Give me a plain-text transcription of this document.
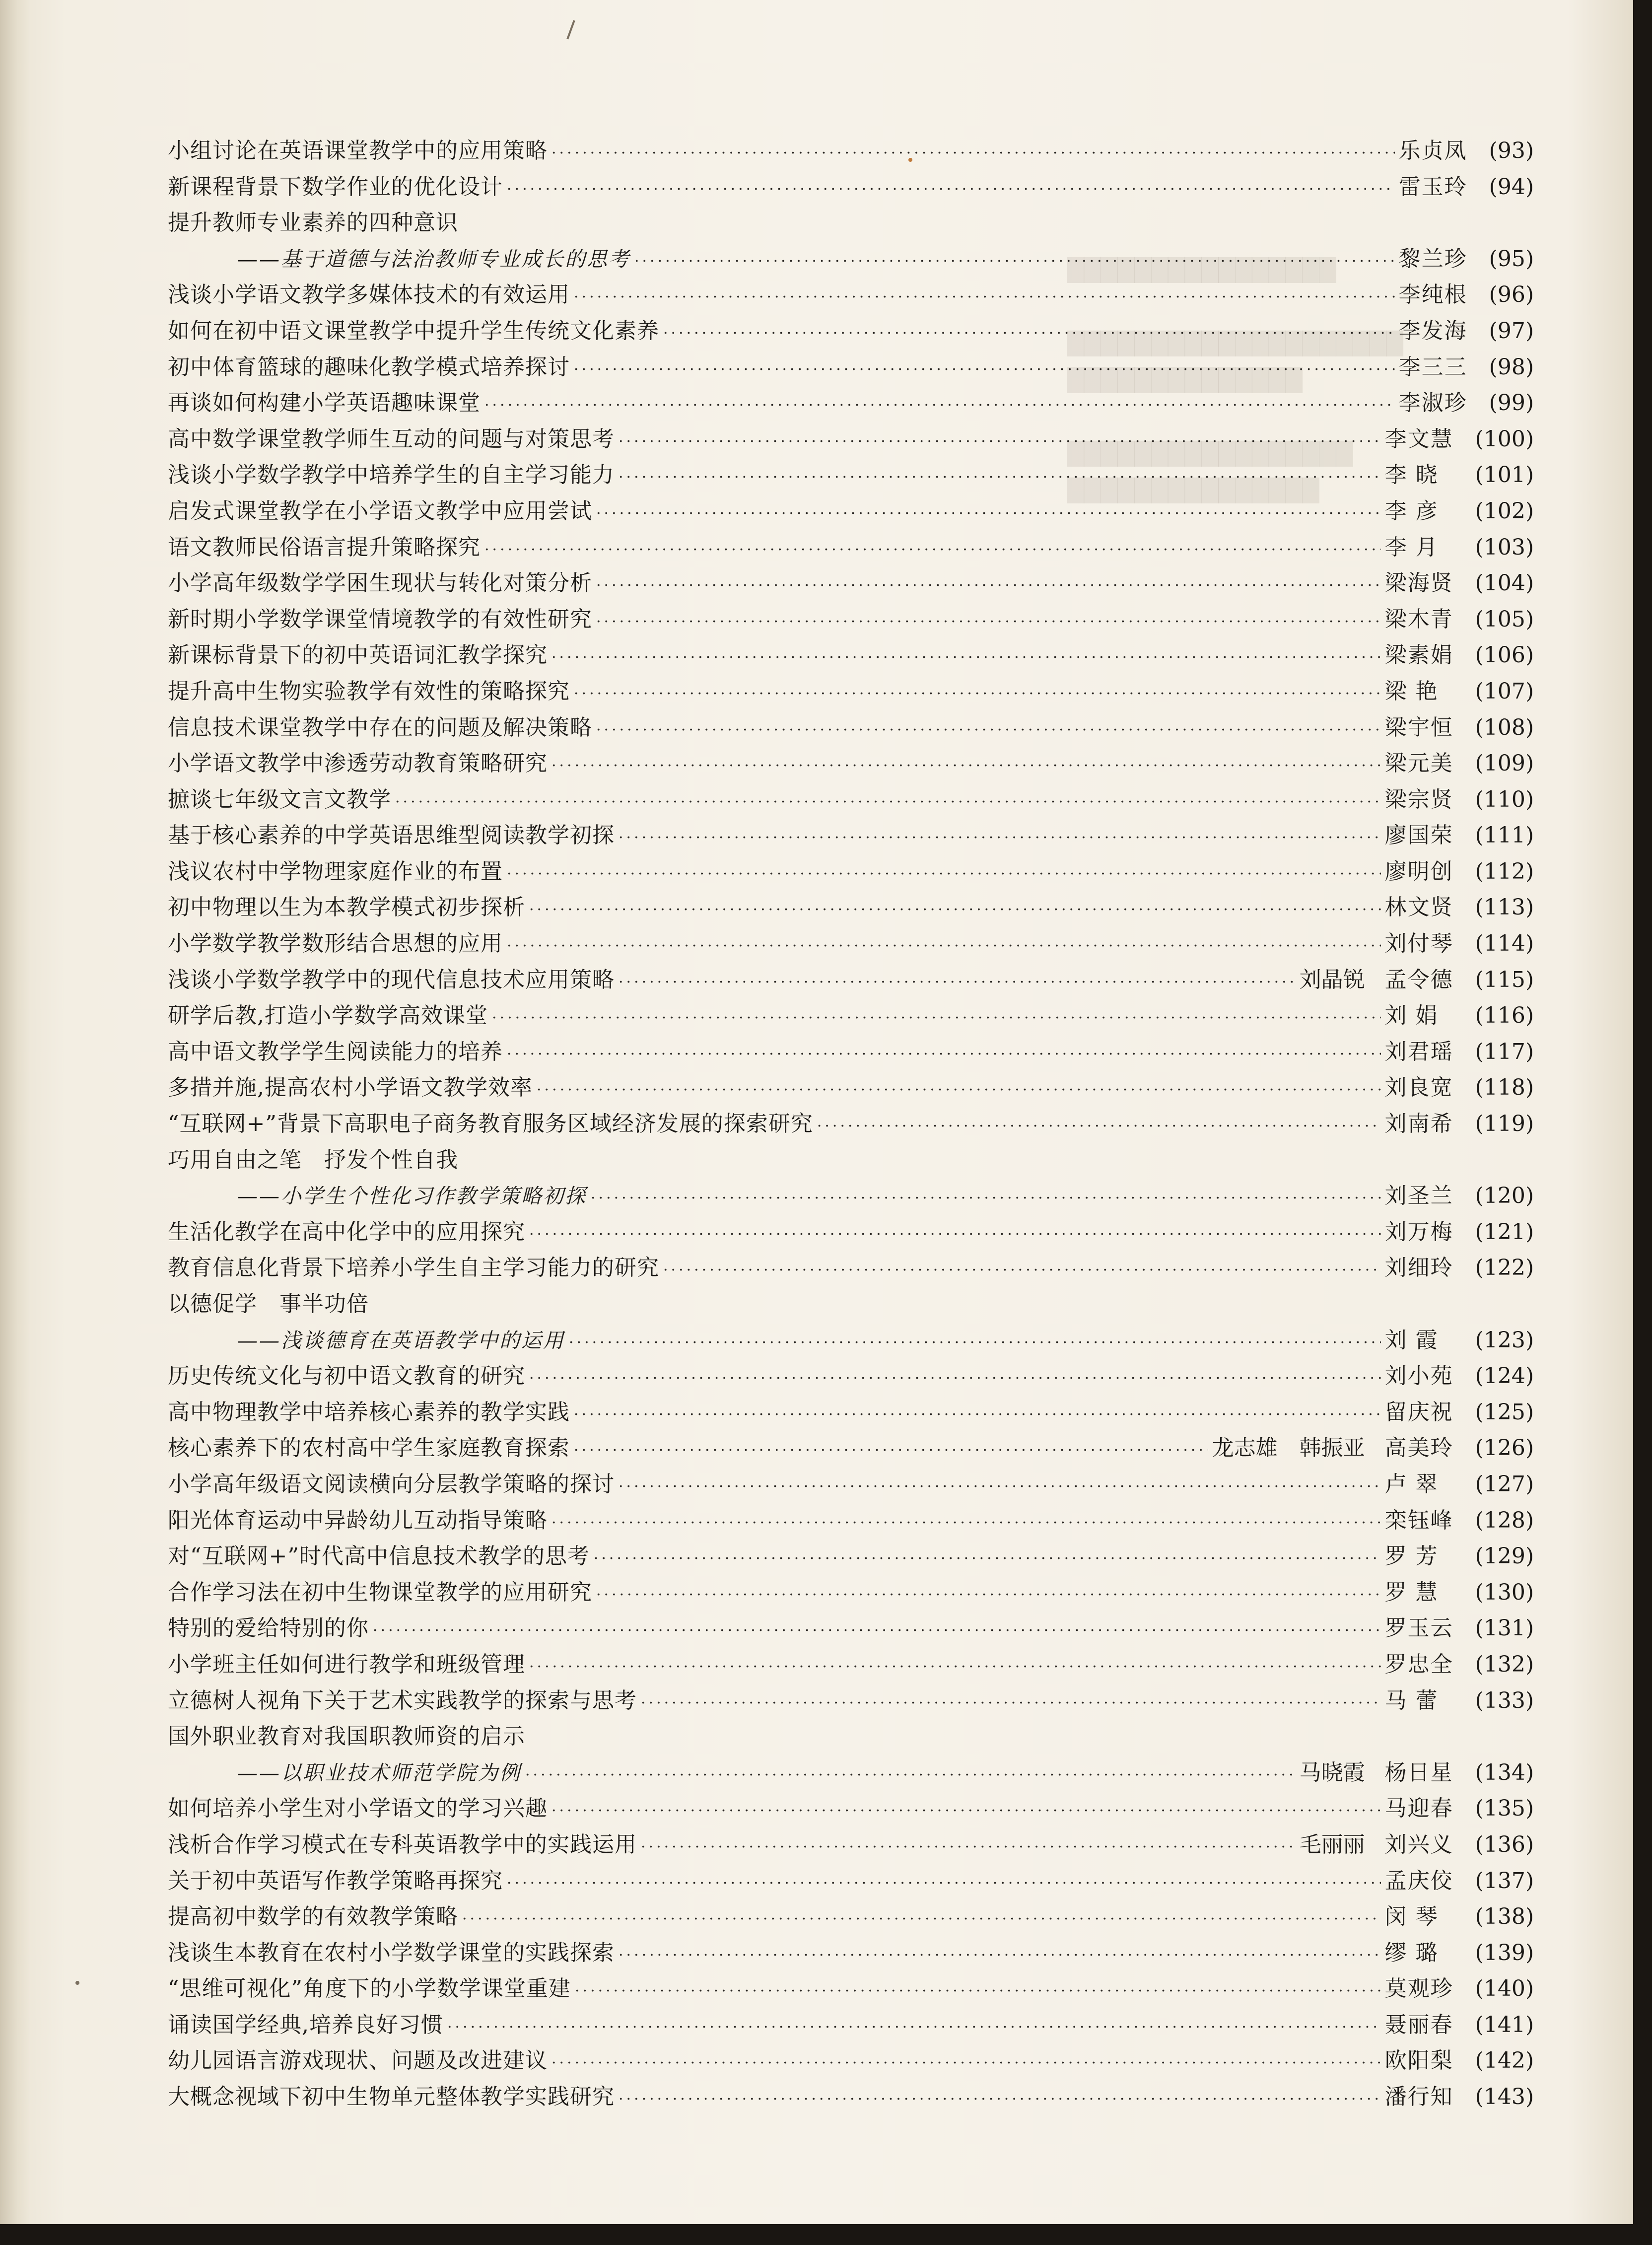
████████████████

████████████████████
██████████████

█████████████████
███████████████
小组讨论在英语课堂教学中的应用策略 ·····	乐贞凤	(93)
新课程背景下数学作业的优化设计 ·····	雷玉玲	(94)
提升教师专业素养的四种意识
——基于道德与法治教师专业成长的思考 ·····	黎兰珍	(95)
浅谈小学语文教学多媒体技术的有效运用 ·····	李纯根	(96)
如何在初中语文课堂教学中提升学生传统文化素养 ·····	李发海	(97)
初中体育篮球的趣味化教学模式培养探讨 ·····	李三三	(98)
再谈如何构建小学英语趣味课堂 ·····	李淑珍	(99)
高中数学课堂教学师生互动的问题与对策思考 ·····	李文慧	(100)
浅谈小学数学教学中培养学生的自主学习能力 ·····	李 晓	(101)
启发式课堂教学在小学语文教学中应用尝试 ·····	李 彦	(102)
语文教师民俗语言提升策略探究 ·····	李 月	(103)
小学高年级数学学困生现状与转化对策分析 ·····	梁海贤	(104)
新时期小学数学课堂情境教学的有效性研究 ·····	梁木青	(105)
新课标背景下的初中英语词汇教学探究 ·····	梁素娟	(106)
提升高中生物实验教学有效性的策略探究 ·····	梁 艳	(107)
信息技术课堂教学中存在的问题及解决策略 ·····	梁宇恒	(108)
小学语文教学中渗透劳动教育策略研究 ·····	梁元美	(109)
摭谈七年级文言文教学 ·····	梁宗贤	(110)
基于核心素养的中学英语思维型阅读教学初探 ·····	廖国荣	(111)
浅议农村中学物理家庭作业的布置 ·····	廖明创	(112)
初中物理以生为本教学模式初步探析 ·····	林文贤	(113)
小学数学教学数形结合思想的应用 ·····	刘付琴	(114)
浅谈小学数学教学中的现代信息技术应用策略 ·····	刘晶锐 孟令德	(115)
研学后教,打造小学数学高效课堂 ·····	刘 娟	(116)
高中语文教学学生阅读能力的培养 ·····	刘君瑶	(117)
多措并施,提高农村小学语文教学效率 ·····	刘良宽	(118)
“互联网+”背景下高职电子商务教育服务区域经济发展的探索研究 ·····	刘南希	(119)
巧用自由之笔　抒发个性自我
——小学生个性化习作教学策略初探 ·····	刘圣兰	(120)
生活化教学在高中化学中的应用探究 ·····	刘万梅	(121)
教育信息化背景下培养小学生自主学习能力的研究 ·····	刘细玲	(122)
以德促学　事半功倍
——浅谈德育在英语教学中的运用 ·····	刘 霞	(123)
历史传统文化与初中语文教育的研究 ·····	刘小苑	(124)
高中物理教学中培养核心素养的教学实践 ·····	留庆祝	(125)
核心素养下的农村高中学生家庭教育探索 ·····	龙志雄　韩振亚 高美玲	(126)
小学高年级语文阅读横向分层教学策略的探讨 ·····	卢 翠	(127)
阳光体育运动中异龄幼儿互动指导策略 ·····	栾钰峰	(128)
对“互联网+”时代高中信息技术教学的思考 ·····	罗 芳	(129)
合作学习法在初中生物课堂教学的应用研究 ·····	罗 慧	(130)
特别的爱给特别的你 ·····	罗玉云	(131)
小学班主任如何进行教学和班级管理 ·····	罗忠全	(132)
立德树人视角下关于艺术实践教学的探索与思考 ·····	马 蕾	(133)
国外职业教育对我国职教师资的启示
——以职业技术师范学院为例 ·····	马晓霞 杨日星	(134)
如何培养小学生对小学语文的学习兴趣 ·····	马迎春	(135)
浅析合作学习模式在专科英语教学中的实践运用 ·····	毛丽丽 刘兴义	(136)
关于初中英语写作教学策略再探究 ·····	孟庆佼	(137)
提高初中数学的有效教学策略 ·····	闵 琴	(138)
浅谈生本教育在农村小学数学课堂的实践探索 ·····	缪 璐	(139)
“思维可视化”角度下的小学数学课堂重建 ·····	莫观珍	(140)
诵读国学经典,培养良好习惯 ·····	聂丽春	(141)
幼儿园语言游戏现状、问题及改进建议 ·····	欧阳梨	(142)
大概念视域下初中生物单元整体教学实践研究 ·····	潘行知	(143)
